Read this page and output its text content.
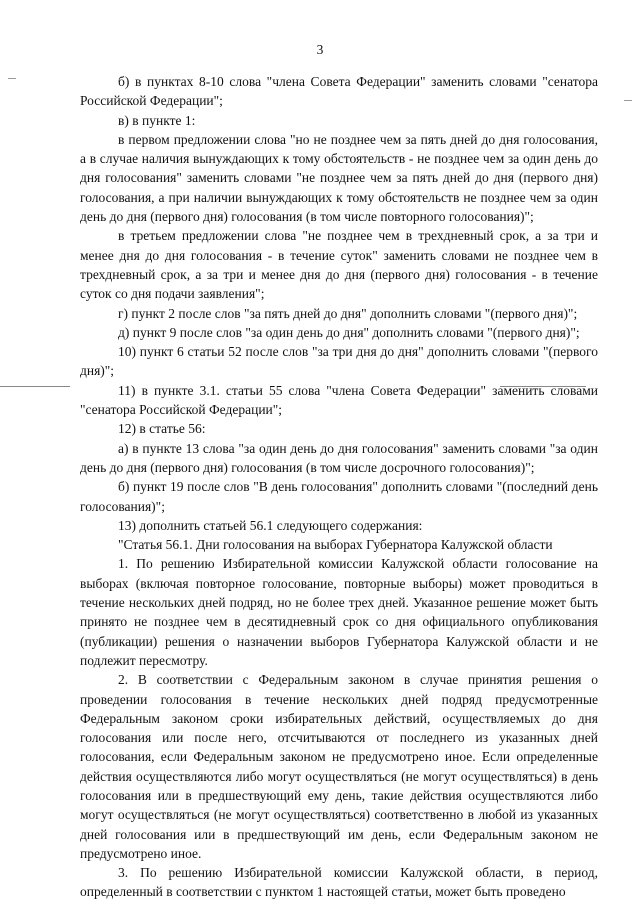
3

б) в пунктах 8-10 слова "члена Совета Федерации" заменить словами "сенатора Российской Федерации";

в) в пункте 1:

в первом предложении слова "но не позднее чем за пять дней до дня голосования, а в случае наличия вынуждающих к тому обстоятельств - не позднее чем за один день до дня голосования" заменить словами "не позднее чем за пять дней до дня (первого дня) голосования, а при наличии вынуждающих к тому обстоятельств не позднее чем за один день до дня (первого дня) голосования (в том числе повторного голосования)";

в третьем предложении слова "не позднее чем в трехдневный срок, а за три и менее дня до дня голосования - в течение суток" заменить словами не позднее чем в трехдневный срок, а за три и менее дня до дня (первого дня) голосования - в течение суток со дня подачи заявления";

г) пункт 2 после слов "за пять дней до дня" дополнить словами "(первого дня)";

д) пункт 9 после слов "за один день до дня" дополнить словами "(первого дня)";

10) пункт 6 статьи 52 после слов "за три дня до дня" дополнить словами "(первого дня)";

11) в пункте 3.1. статьи 55 слова "члена Совета Федерации" заменить словами "сенатора Российской Федерации";

12) в статье 56:

а) в пункте 13 слова "за один день до дня голосования" заменить словами "за один день до дня (первого дня) голосования (в том числе досрочного голосования)";

б) пункт 19 после слов "В день голосования" дополнить словами "(последний день голосования)";

13) дополнить статьей 56.1 следующего содержания:

"Статья 56.1. Дни голосования на выборах Губернатора Калужской области

1. По решению Избирательной комиссии Калужской области голосование на выборах (включая повторное голосование, повторные выборы) может проводиться в течение нескольких дней подряд, но не более трех дней. Указанное решение может быть принято не позднее чем в десятидневный срок со дня официального опубликования (публикации) решения о назначении выборов Губернатора Калужской области и не подлежит пересмотру.

2. В соответствии с Федеральным законом в случае принятия решения о проведении голосования в течение нескольких дней подряд предусмотренные Федеральным законом сроки избирательных действий, осуществляемых до дня голосования или после него, отсчитываются от последнего из указанных дней голосования, если Федеральным законом не предусмотрено иное. Если определенные действия осуществляются либо могут осуществляться (не могут осуществляться) в день голосования или в предшествующий ему день, такие действия осуществляются либо могут осуществляться (не могут осуществляться) соответственно в любой из указанных дней голосования или в предшествующий им день, если Федеральным законом не предусмотрено иное.

3. По решению Избирательной комиссии Калужской области, в период, определенный в соответствии с пунктом 1 настоящей статьи, может быть проведено
